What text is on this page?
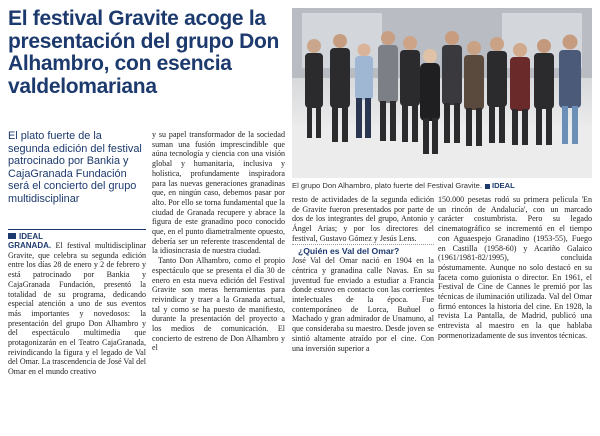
El festival Gravite acoge la presentación del grupo Don Alhambro, con esencia valdelomariana
El grupo Don Alhambro, plato fuerte del Festival Gravite. IDEAL

El plato fuerte de la segunda edición del festival patrocinado por Bankia y CajaGranada Fundación será el concierto del grupo multidisciplinar

IDEAL

GRANADA. El festival multidisciplinar Gravite, que celebra su segunda edición entre los días 28 de enero y 2 de febrero y está patrocinado por Bankia y CajaGranada Fundación, presentó la totalidad de su programa, dedicando especial atención a uno de sus eventos más importantes y novedosos: la presentación del grupo Don Alhambro y del espectáculo multimedia que protagonizarán en el Teatro CajaGranada, reivindicando la figura y el legado de Val del Omar. La trascendencia de José Val del Omar en el mundo creativo

y su papel transformador de la sociedad suman una fusión imprescindible que aúna tecnología y ciencia con una visión global y humanitaria, inclusiva y holística, profundamente inspiradora para las nuevas generaciones granadinas que, en ningún caso, debemos pasar por alto. Por ello se torna fundamental que la ciudad de Granada recupere y abrace la figura de este granadino poco conocido que, en el punto diametralmente opuesto, debería ser un referente trascendental de la idiosincrasia de nuestra ciudad.

Tanto Don Alhambro, como el propio espectáculo que se presenta el día 30 de enero en esta nueva edición del Festival Gravite son meras herramientas para reivindicar y traer a la Granada actual, tal y como se ha puesto de manifiesto, durante la presentación del proyecto a los medios de comunicación. El concierto de estreno de Don Alhambro y el

resto de actividades de la segunda edición de Gravite fueron presentados por parte de dos de los integrantes del grupo, Antonio y Ángel Arias; y por los directores del festival, Gustavo Gómez y Jesús Lens.

¿Quién es Val del Omar?

José Val del Omar nació en 1904 en la céntrica y granadina calle Navas. En su juventud fue enviado a estudiar a Francia donde estuvo en contacto con las corrientes intelectuales de la época. Fue contemporáneo de Lorca, Buñuel o Machado y gran admirador de Unamuno, al que consideraba su maestro. Desde joven se sintió altamente atraído por el cine. Con una inversión superior a

150.000 pesetas rodó su primera película 'En un rincón de Andalucía', con un marcado carácter costumbrista. Pero su legado cinematográfico se incrementó en el tiempo con Aguaespejo Granadino (1953-55), Fuego en Castilla (1958-60) y Acariño Galaico (1961/1981-82/1995), concluida póstumamente. Aunque no solo destacó en su faceta como guionista o director. En 1961, el Festival de Cine de Cannes le premió por las técnicas de iluminación utilizada. Val del Omar firmó entonces la historia del cine. En 1928, la revista La Pantalla, de Madrid, publicó una entrevista al maestro en la que hablaba pormenorizadamente de sus inventos técnicas.
